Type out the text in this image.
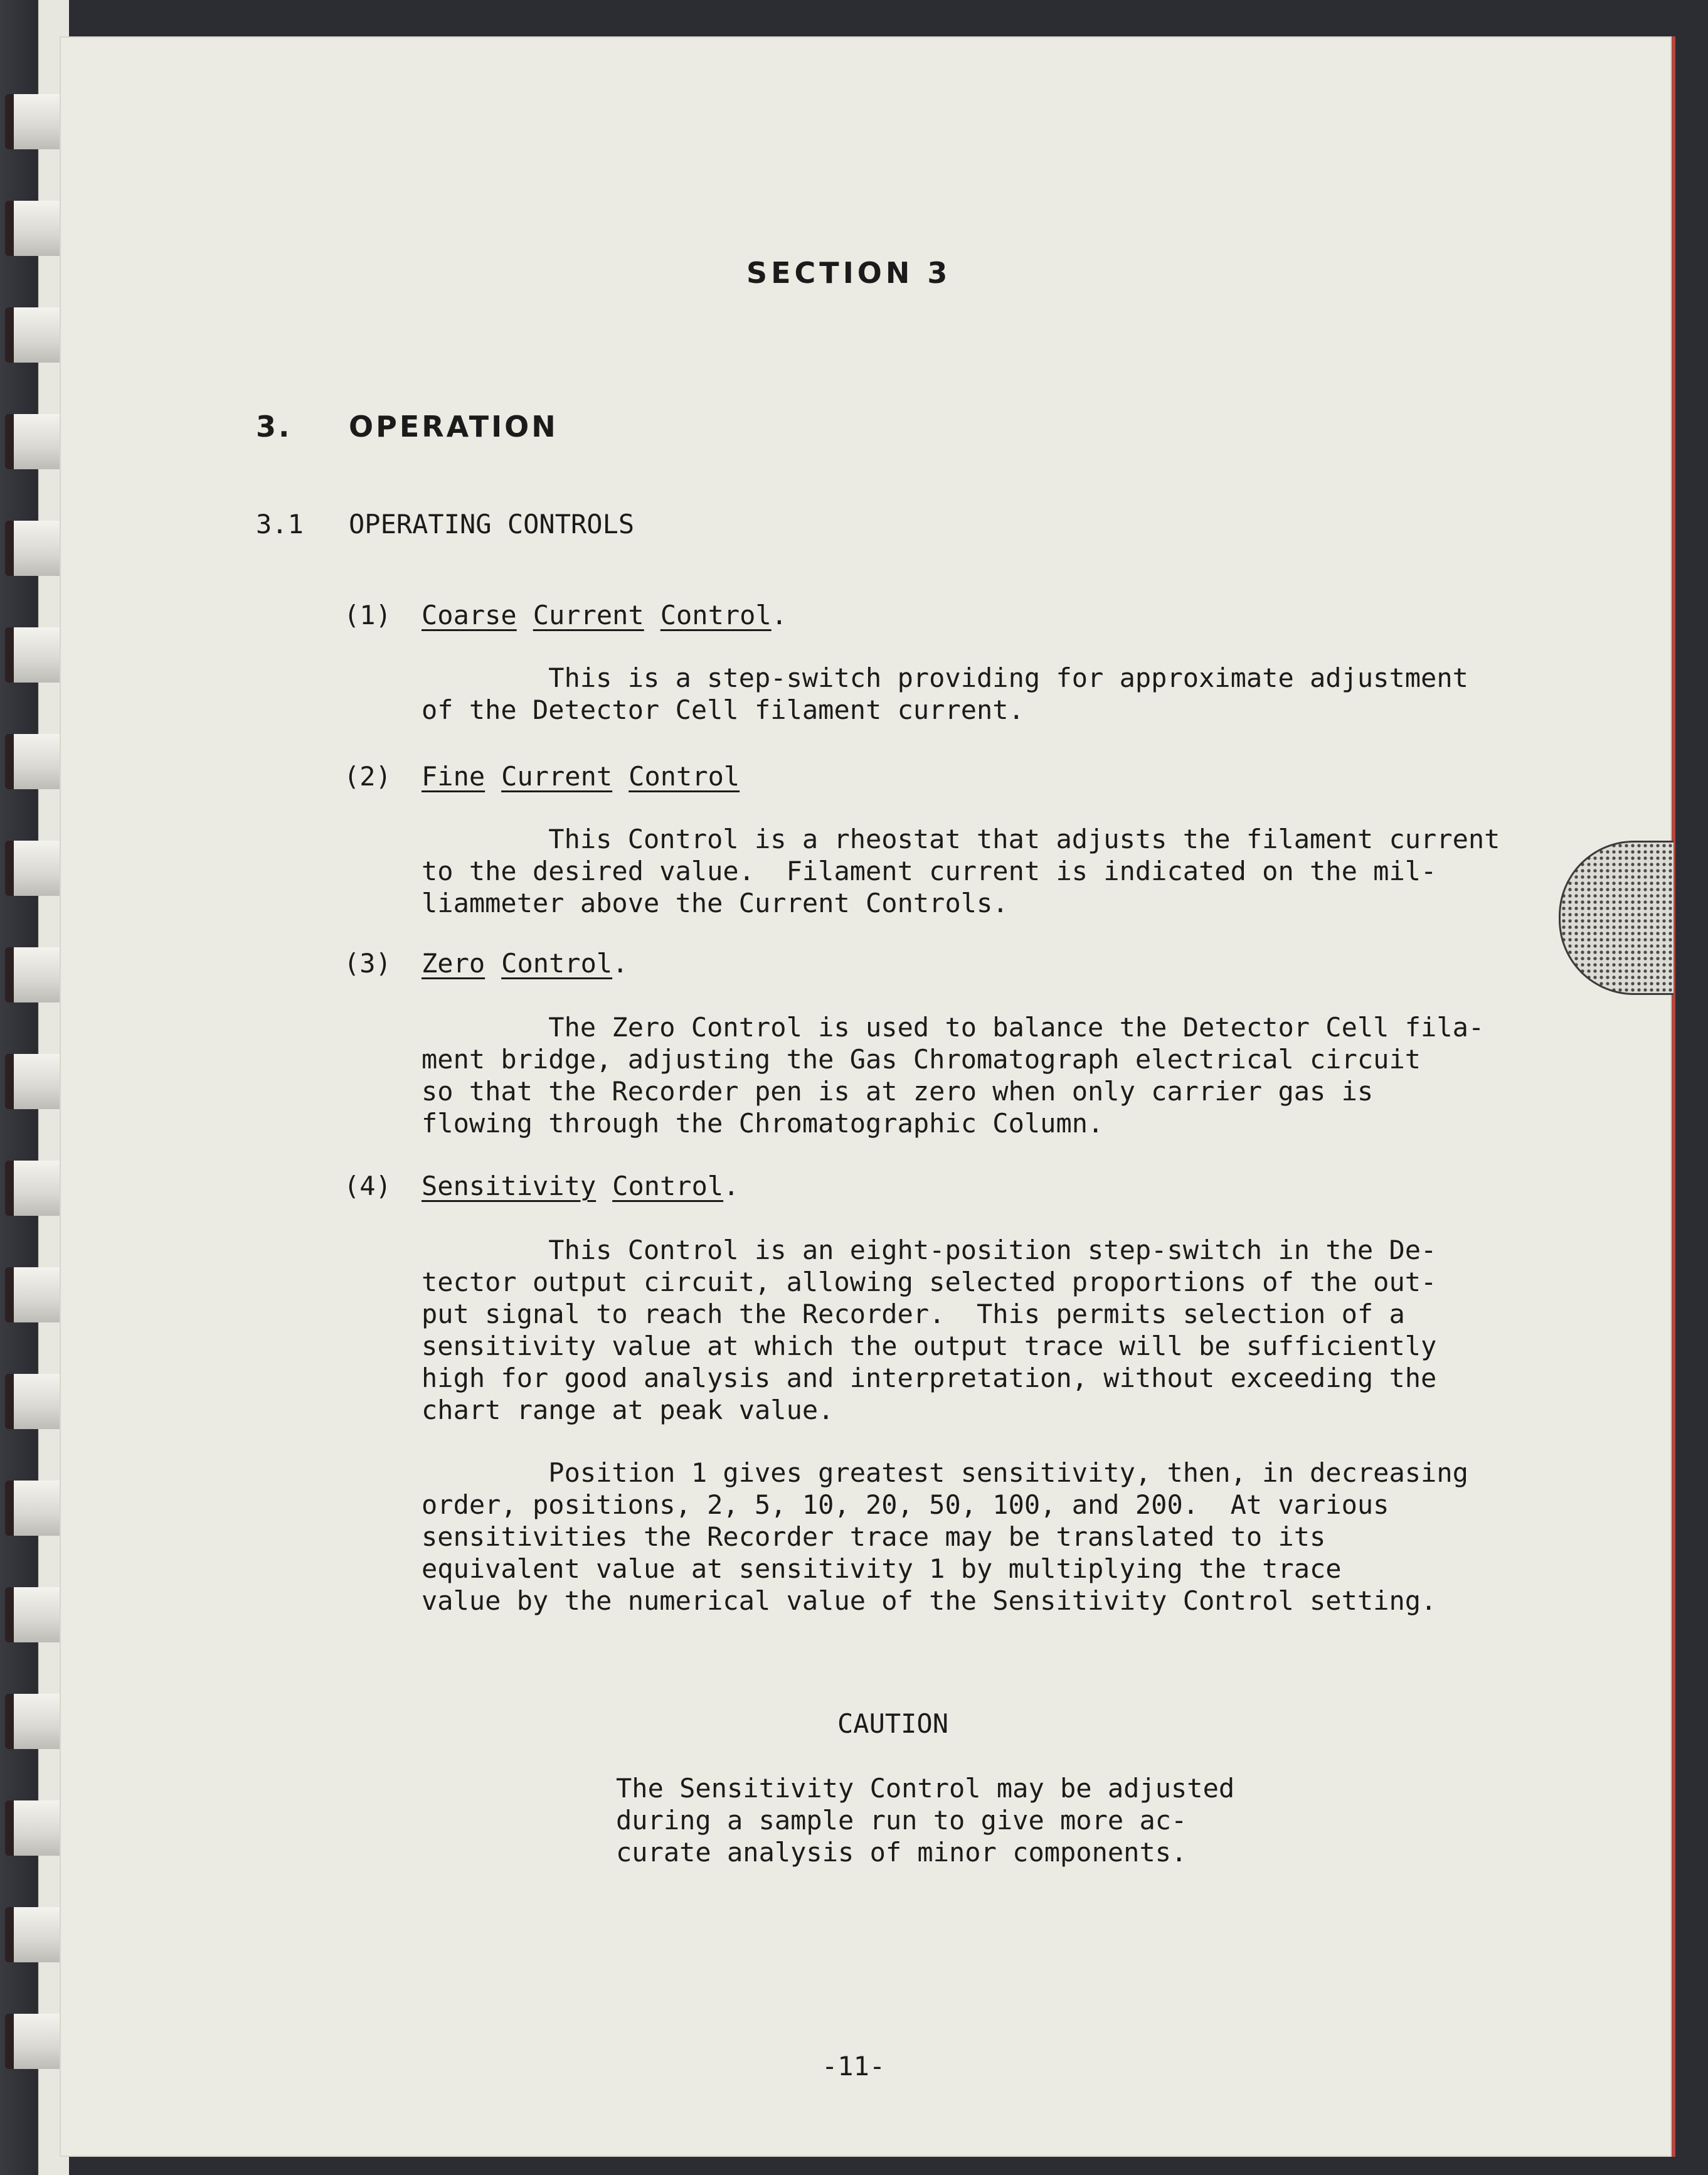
SECTION 3
3. OPERATION
3.1 OPERATING CONTROLS
(1) Coarse Current Control.
This is a step-switch providing for approximate adjustment
of the Detector Cell filament current.
(2) Fine Current Control
This Control is a rheostat that adjusts the filament current
to the desired value.  Filament current is indicated on the mil-
liammeter above the Current Controls.
(3) Zero Control.
The Zero Control is used to balance the Detector Cell fila-
ment bridge, adjusting the Gas Chromatograph electrical circuit
so that the Recorder pen is at zero when only carrier gas is
flowing through the Chromatographic Column.
(4) Sensitivity Control.
This Control is an eight-position step-switch in the De-
tector output circuit, allowing selected proportions of the out-
put signal to reach the Recorder.  This permits selection of a
sensitivity value at which the output trace will be sufficiently
high for good analysis and interpretation, without exceeding the
chart range at peak value.
Position 1 gives greatest sensitivity, then, in decreasing
order, positions, 2, 5, 10, 20, 50, 100, and 200.  At various
sensitivities the Recorder trace may be translated to its
equivalent value at sensitivity 1 by multiplying the trace
value by the numerical value of the Sensitivity Control setting.
CAUTION
The Sensitivity Control may be adjusted
during a sample run to give more ac-
curate analysis of minor components.
-11-
